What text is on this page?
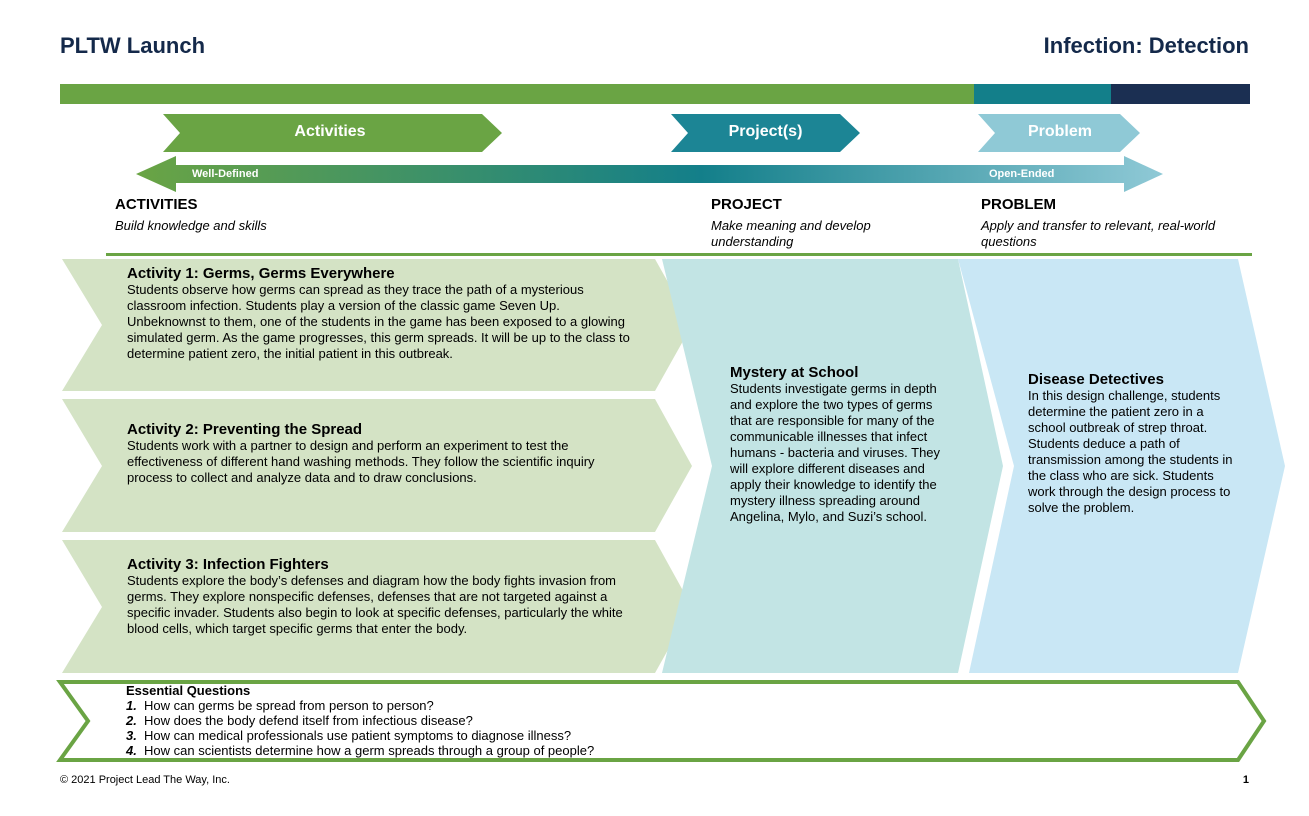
PLTW Launch	Infection: Detection
Activities	Project(s)	Problem
Well-Defined	Open-Ended
ACTIVITIES
Build knowledge and skills
PROJECT
Make meaning and develop understanding
PROBLEM
Apply and transfer to relevant, real-world questions
Activity 1: Germs, Germs Everywhere
Students observe how germs can spread as they trace the path of a mysterious classroom infection. Students play a version of the classic game Seven Up. Unbeknownst to them, one of the students in the game has been exposed to a glowing simulated germ. As the game progresses, this germ spreads. It will be up to the class to determine patient zero, the initial patient in this outbreak.
Activity 2: Preventing the Spread
Students work with a partner to design and perform an experiment to test the effectiveness of different hand washing methods. They follow the scientific inquiry process to collect and analyze data and to draw conclusions.
Activity 3: Infection Fighters
Students explore the body’s defenses and diagram how the body fights invasion from germs. They explore nonspecific defenses, defenses that are not targeted against a specific invader. Students also begin to look at specific defenses, particularly the white blood cells, which target specific germs that enter the body.
Mystery at School
Students investigate germs in depth and explore the two types of germs that are responsible for many of the communicable illnesses that infect humans - bacteria and viruses. They will explore different diseases and apply their knowledge to identify the mystery illness spreading around Angelina, Mylo, and Suzi’s school.
Disease Detectives
In this design challenge, students determine the patient zero in a school outbreak of strep throat. Students deduce a path of transmission among the students in the class who are sick. Students work through the design process to solve the problem.
Essential Questions
1. How can germs be spread from person to person?
2. How does the body defend itself from infectious disease?
3. How can medical professionals use patient symptoms to diagnose illness?
4. How can scientists determine how a germ spreads through a group of people?
© 2021 Project Lead The Way, Inc.	1
